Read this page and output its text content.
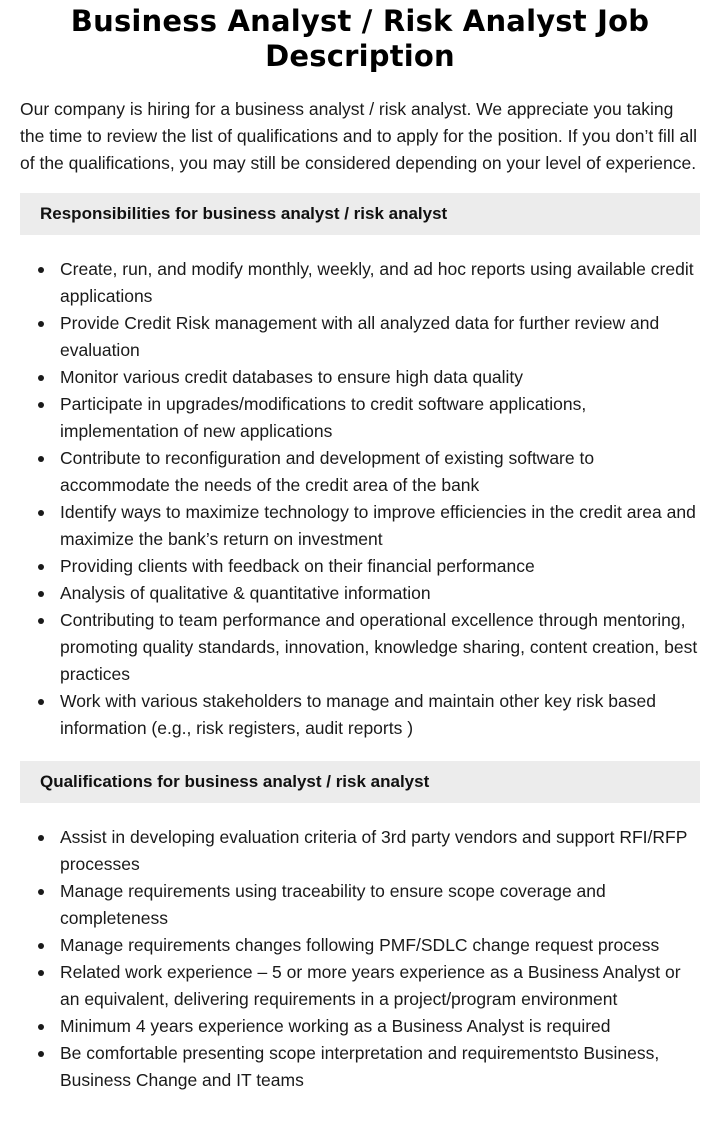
Business Analyst / Risk Analyst Job Description

Our company is hiring for a business analyst / risk analyst. We appreciate you taking the time to review the list of qualifications and to apply for the position. If you don’t fill all of the qualifications, you may still be considered depending on your level of experience.

Responsibilities for business analyst / risk analyst
Create, run, and modify monthly, weekly, and ad hoc reports using available credit applications
Provide Credit Risk management with all analyzed data for further review and evaluation
Monitor various credit databases to ensure high data quality
Participate in upgrades/modifications to credit software applications, implementation of new applications
Contribute to reconfiguration and development of existing software to accommodate the needs of the credit area of the bank
Identify ways to maximize technology to improve efficiencies in the credit area and maximize the bank’s return on investment
Providing clients with feedback on their financial performance
Analysis of qualitative & quantitative information
Contributing to team performance and operational excellence through mentoring, promoting quality standards, innovation, knowledge sharing, content creation, best practices
Work with various stakeholders to manage and maintain other key risk based information (e.g., risk registers, audit reports )
Qualifications for business analyst / risk analyst
Assist in developing evaluation criteria of 3rd party vendors and support RFI/RFP processes
Manage requirements using traceability to ensure scope coverage and completeness
Manage requirements changes following PMF/SDLC change request process
Related work experience – 5 or more years experience as a Business Analyst or an equivalent, delivering requirements in a project/program environment
Minimum 4 years experience working as a Business Analyst is required
Be comfortable presenting scope interpretation and requirementsto Business, Business Change and IT teams
